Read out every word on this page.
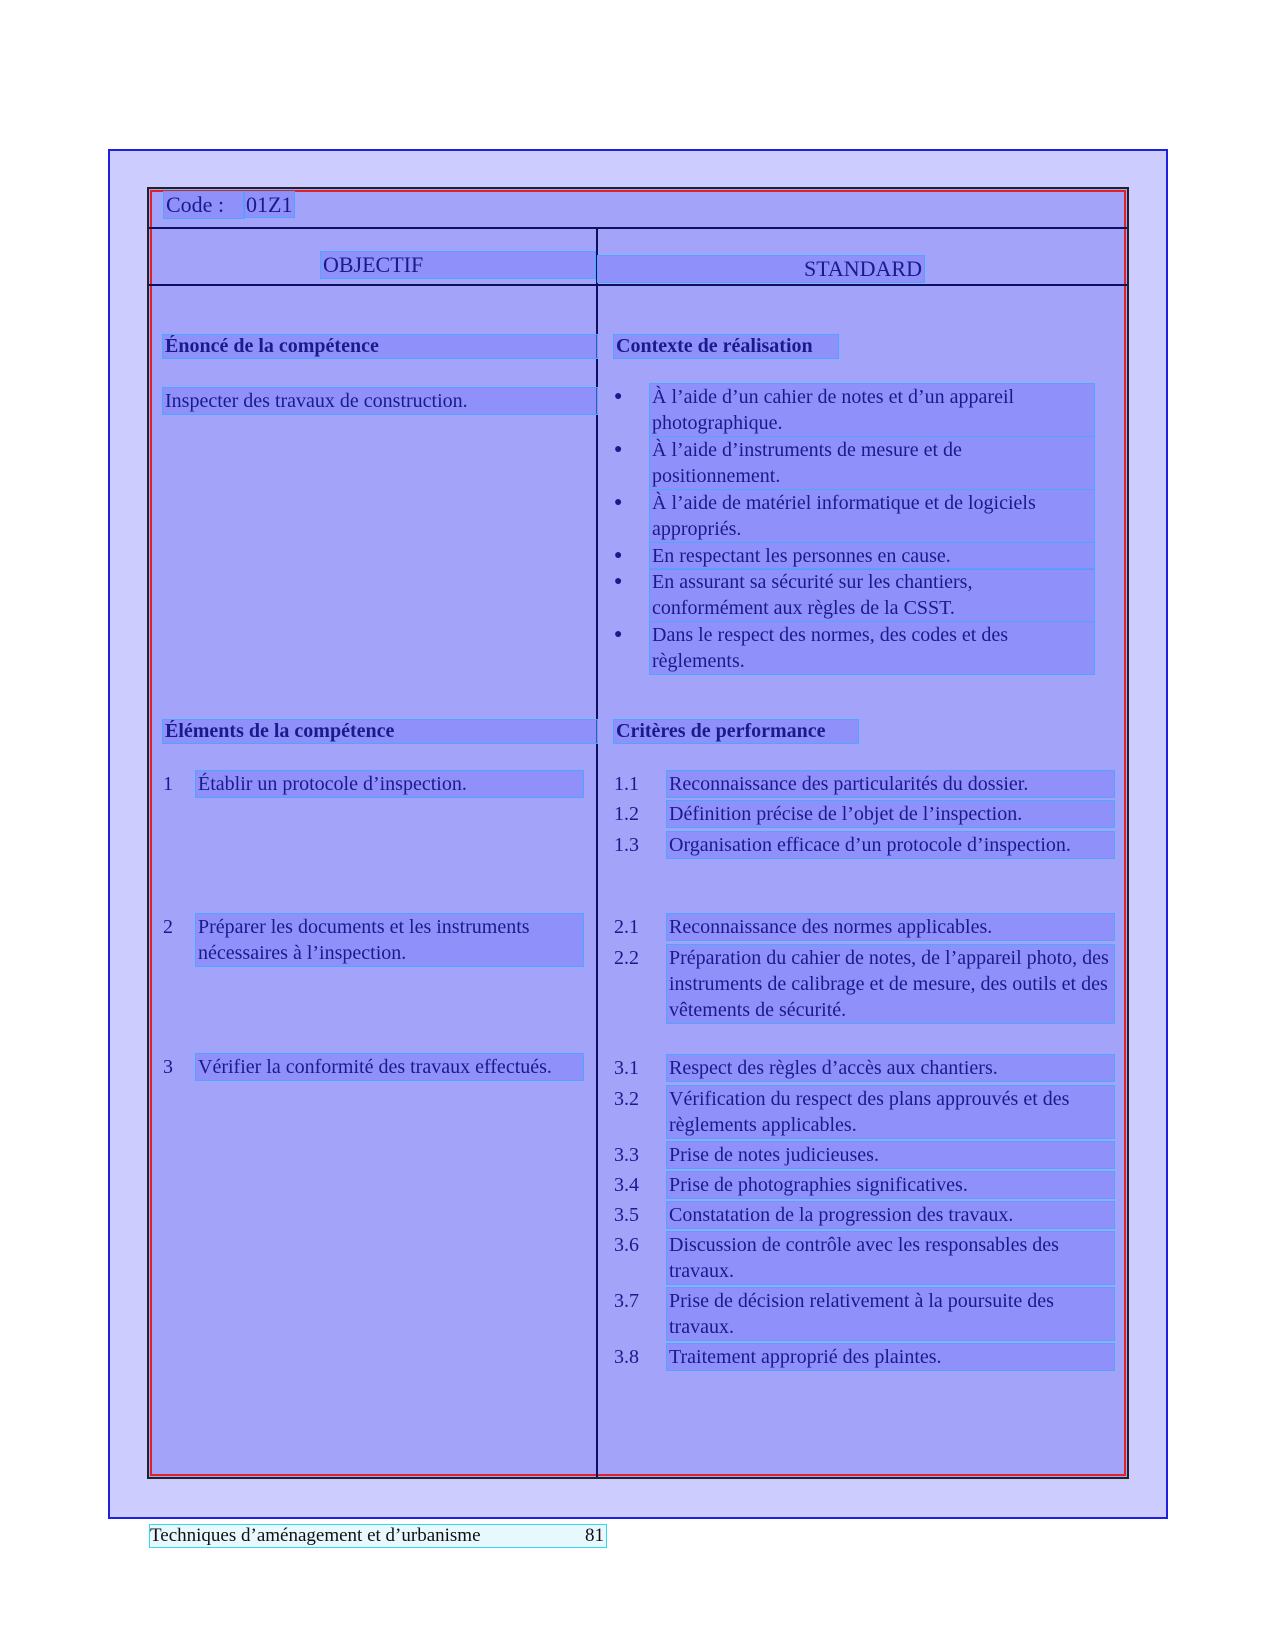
Code : 01Z1
OBJECTIF	STANDARD
Énoncé de la compétence
Inspecter des travaux de construction.
Éléments de la compétence
1 Établir un protocole d’inspection.
2 Préparer les documents et les instruments nécessaires à l’inspection.
3 Vérifier la conformité des travaux effectués.
Contexte de réalisation
● À l’aide d’un cahier de notes et d’un appareil photographique.
● À l’aide d’instruments de mesure et de positionnement.
● À l’aide de matériel informatique et de logiciels appropriés.
● En respectant les personnes en cause.
● En assurant sa sécurité sur les chantiers, conformément aux règles de la CSST.
● Dans le respect des normes, des codes et des règlements.
Critères de performance
1.1 Reconnaissance des particularités du dossier.
1.2 Définition précise de l’objet de l’inspection.
1.3 Organisation efficace d’un protocole d’inspection.
2.1 Reconnaissance des normes applicables.
2.2 Préparation du cahier de notes, de l’appareil photo, des instruments de calibrage et de mesure, des outils et des vêtements de sécurité.
3.1 Respect des règles d’accès aux chantiers.
3.2 Vérification du respect des plans approuvés et des règlements applicables.
3.3 Prise de notes judicieuses.
3.4 Prise de photographies significatives.
3.5 Constatation de la progression des travaux.
3.6 Discussion de contrôle avec les responsables des travaux.
3.7 Prise de décision relativement à la poursuite des travaux.
3.8 Traitement approprié des plaintes.
Techniques d’aménagement et d’urbanisme	81
